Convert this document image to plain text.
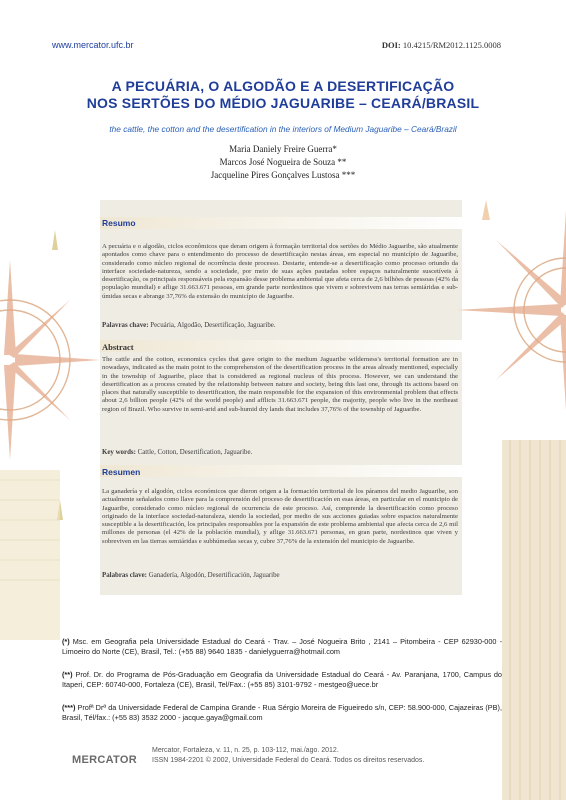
www.mercator.ufc.br	DOI: 10.4215/RM2012.1125.0008
A PECUÁRIA, O ALGODÃO E A DESERTIFICAÇÃO
NOS SERTÕES DO MÉDIO JAGUARIBE – CEARÁ/BRASIL
the cattle, the cotton and the desertification in the interiors of Medium Jaguaribe – Ceará/Brazil
Maria Daniely Freire Guerra*
Marcos José Nogueira de Souza **
Jacqueline Pires Gonçalves Lustosa ***
Resumo
A pecuária e o algodão, ciclos econômicos que deram origem à formação territorial dos sertões do Médio Jaguaribe, são atualmente apontados como chave para o entendimento do processo de desertificação nestas áreas, em especial no município de Jaguaribe, considerado como núcleo regional de ocorrência deste processo. Destarte, entende-se a desertificação como processo oriundo da interface sociedade-natureza, sendo a sociedade, por meio de suas ações pautadas sobre espaços naturalmente suscetíveis à desertificação, os principais responsáveis pela expansão desse problema ambiental que afeta cerca de 2,6 bilhões de pessoas (42% da população mundial) e aflige 31.663.671 pessoas, em grande parte nordestinos que vivem e sobrevivem nas terras semiáridas e sub-úmidas secas e abrange 37,76% da extensão do município de Jaguaribe.
Palavras chave: Pecuária, Algodão, Desertificação, Jaguaribe.
Abstract
The cattle and the cotton, economics cycles that gave origin to the medium Jaguaribe wilderness's territorial formation are in nowadays, indicated as the main point to the comprehension of the desertification process in the areas already mentioned, especially in the township of Jaguaribe, place that is considered as regional nucleus of this process. However, we can understand the desertification as a process created by the relationship between nature and society, being this last one, through its actions based on places that naturally susceptible to desertification, the main responsible for the expansion of this environmental problem that effects about 2,6 billion people (42% of the world people) and afflicts 31.663.671 people, the majority, people who live in the northeast region of Brazil. Who survive in semi-arid and sub-humid dry lands that includes 37,76% of the township of Jaguaribe.
Key words: Cattle, Cotton, Desertification, Jaguaribe.
Resumen
La ganadería y el algodón, ciclos económicos que dieron origen a la formación territorial de los páramos del medio Jaguaribe, son actualmente señalados como llave para la comprensión del proceso de desertificación en esas áreas, en particular en el municipio de Jaguaribe, considerado como núcleo regional de ocurrencia de este proceso. Así, comprende la desertificación como proceso originado de la interface sociedad-naturaleza, siendo la sociedad, por medio de sus acciones guiadas sobre espacios naturalmente susceptible a la desertificación, los principales responsables por la expansión de este problema ambiental que afecta cerca de 2,6 mil millones de personas (el 42% de la población mundial), y aflige 31.663.671 personas, en gran parte, nordestinos que viven y sobreviven en las tierras semiáridas e subhúmedas secas y, cubre 37,76% de la extensión del municipio de Jaguaribe.
Palabras clave: Ganadería, Algodón, Desertificación, Jaguaribe
(*) Msc. em Geografia pela Universidade Estadual do Ceará - Trav. – José Nogueira Brito , 2141 – Pitombeira - CEP 62930-000 - Limoeiro do Norte (CE), Brasil, Tel.: (+55 88) 9640 1835 - danielyguerra@hotmail.com
(**) Prof. Dr. do Programa de Pós-Graduação em Geografia da Universidade Estadual do Ceará - Av. Paranjana, 1700, Campus do Itaperi, CEP: 60740-000, Fortaleza (CE), Brasil, Tel/Fax.: (+55 85) 3101-9792 - mestgeo@uece.br
(***) Profª Drª da Universidade Federal de Campina Grande - Rua Sérgio Moreira de Figueiredo s/n, CEP: 58.900-000, Cajazeiras (PB), Brasil, Tél/fax.: (+55 83) 3532 2000 - jacque.gaya@gmail.com
MERCATOR
Mercator, Fortaleza, v. 11, n. 25, p. 103-112, mai./ago. 2012.
ISSN 1984-2201 © 2002, Universidade Federal do Ceará. Todos os direitos reservados.
